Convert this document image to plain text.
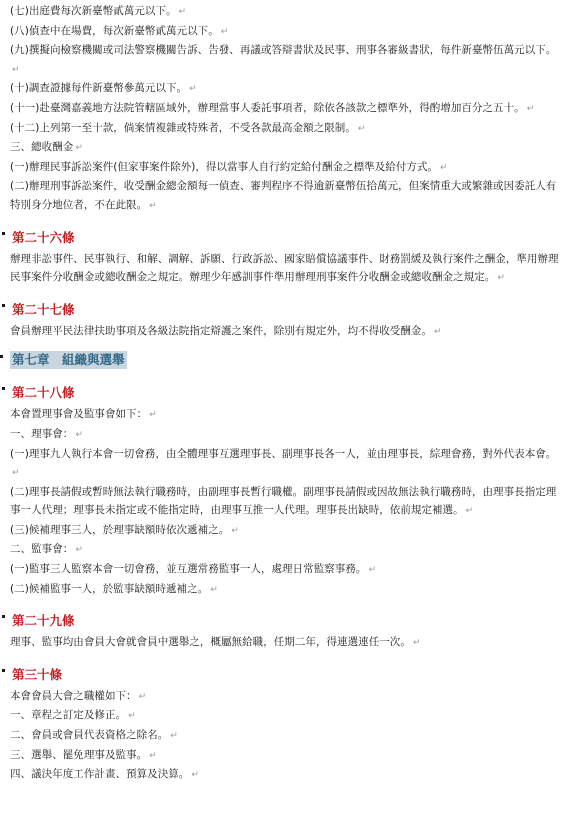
(七)出庭費每次新臺幣貳萬元以下。 ↵
(八)偵查中在場費，每次新臺幣貳萬元以下。 ↵
(九)撰擬向檢察機關或司法警察機關告訴、告發、再議或答辯書狀及民事、刑事各審級書狀，每件新臺幣伍萬元以下。↵
(十)調查證據每件新臺幣參萬元以下。 ↵
(十一)赴臺灣嘉義地方法院管轄區域外，辦理當事人委託事項者，除依各該款之標準外，得酌增加百分之五十。 ↵
(十二)上列第一至十款，倘案情複雜或特殊者，不受各款最高金額之限制。 ↵
三、總收酬金 ↵
(一)辦理民事訴訟案件(但家事案件除外)，得以當事人自行約定給付酬金之標準及給付方式。 ↵
(二)辦理刑事訴訟案件，收受酬金總金額每一偵查、審判程序不得逾新臺幣伍拾萬元，但案情重大或繁雜或因委託人有特別身分地位者，不在此限。 ↵
第二十六條
辦理非訟事件、民事執行、和解、調解、訴願、行政訴訟、國家賠償協議事件、財務罰緩及執行案件之酬金，準用辦理民事案件分收酬金或總收酬金之規定。辦理少年感訓事件準用辦理刑事案件分收酬金或總收酬金之規定。 ↵
第二十七條
會員辦理平民法律扶助事項及各級法院指定辯護之案件，除別有規定外，均不得收受酬金。 ↵
第七章　組織與選舉
第二十八條
本會置理事會及監事會如下： ↵
一、理事會： ↵
(一)理事九人執行本會一切會務，由全體理事互選理事長、副理事長各一人，並由理事長，綜理會務，對外代表本會。↵
(二)理事長請假或暫時無法執行職務時，由副理事長暫行職權。副理事長請假或因故無法執行職務時，由理事長指定理事一人代理；理事長未指定或不能指定時，由理事互推一人代理。理事長出缺時，依前規定補選。 ↵
(三)候補理事三人，於理事缺額時依次遞補之。 ↵
二、監事會： ↵
(一)監事三人監察本會一切會務，並互選常務監事一人，處理日常監察事務。 ↵
(二)候補監事一人，於監事缺額時遞補之。 ↵
第二十九條
理事、監事均由會員大會就會員中選舉之，概屬無給職，任期二年，得連選連任一次。 ↵
第三十條
本會會員大會之職權如下： ↵
一、章程之訂定及修正。 ↵
二、會員或會員代表資格之除名。 ↵
三、選舉、罷免理事及監事。 ↵
四、議決年度工作計畫、預算及決算。 ↵
